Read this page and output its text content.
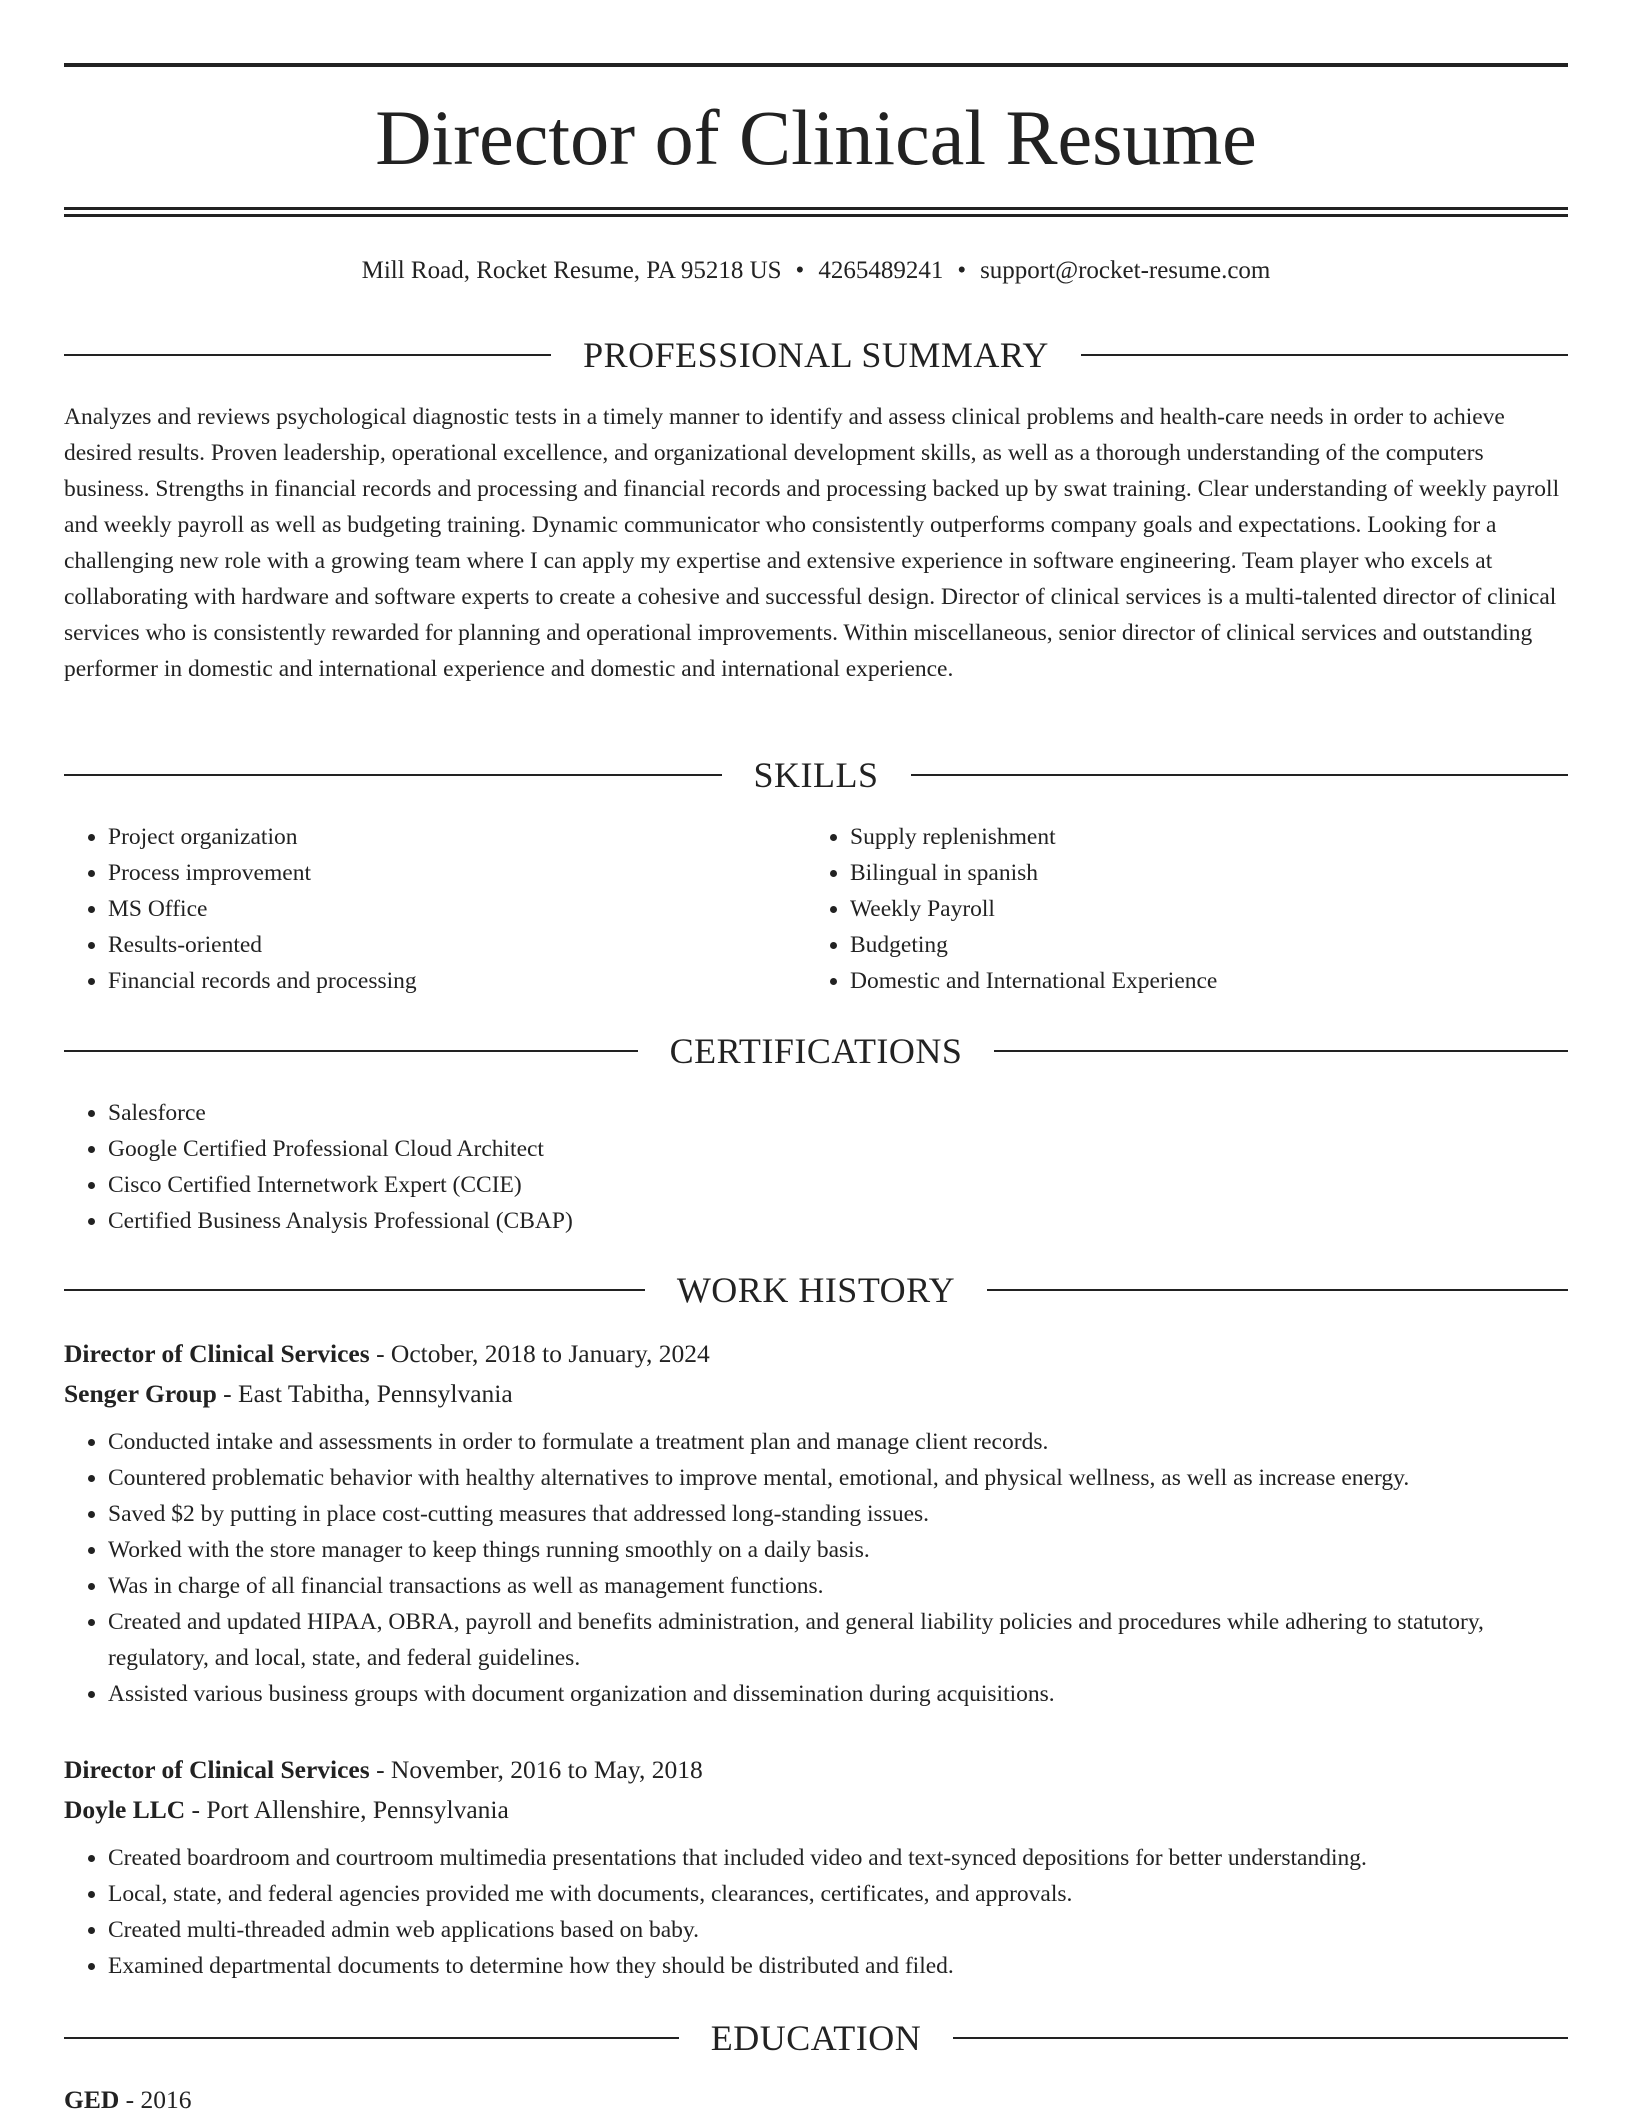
Director of Clinical Resume
Mill Road, Rocket Resume, PA 95218 US • 4265489241 • support@rocket-resume.com
PROFESSIONAL SUMMARY

Analyzes and reviews psychological diagnostic tests in a timely manner to identify and assess clinical problems and health-care needs in order to achieve desired results. Proven leadership, operational excellence, and organizational development skills, as well as a thorough understanding of the computers business. Strengths in financial records and processing and financial records and processing backed up by swat training. Clear understanding of weekly payroll and weekly payroll as well as budgeting training. Dynamic communicator who consistently outperforms company goals and expectations. Looking for a challenging new role with a growing team where I can apply my expertise and extensive experience in software engineering. Team player who excels at collaborating with hardware and software experts to create a cohesive and successful design. Director of clinical services is a multi-talented director of clinical services who is consistently rewarded for planning and operational improvements. Within miscellaneous, senior director of clinical services and outstanding performer in domestic and international experience and domestic and international experience.

SKILLS
• Project organization
• Process improvement
• MS Office
• Results-oriented
• Financial records and processing
• Supply replenishment
• Bilingual in spanish
• Weekly Payroll
• Budgeting
• Domestic and International Experience
CERTIFICATIONS
• Salesforce
• Google Certified Professional Cloud Architect
• Cisco Certified Internetwork Expert (CCIE)
• Certified Business Analysis Professional (CBAP)
WORK HISTORY
Director of Clinical Services - October, 2018 to January, 2024
Senger Group - East Tabitha, Pennsylvania
• Conducted intake and assessments in order to formulate a treatment plan and manage client records.
• Countered problematic behavior with healthy alternatives to improve mental, emotional, and physical wellness, as well as increase energy.
• Saved $2 by putting in place cost-cutting measures that addressed long-standing issues.
• Worked with the store manager to keep things running smoothly on a daily basis.
• Was in charge of all financial transactions as well as management functions.
• Created and updated HIPAA, OBRA, payroll and benefits administration, and general liability policies and procedures while adhering to statutory, regulatory, and local, state, and federal guidelines.
• Assisted various business groups with document organization and dissemination during acquisitions.
Director of Clinical Services - November, 2016 to May, 2018
Doyle LLC - Port Allenshire, Pennsylvania
• Created boardroom and courtroom multimedia presentations that included video and text-synced depositions for better understanding.
• Local, state, and federal agencies provided me with documents, clearances, certificates, and approvals.
• Created multi-threaded admin web applications based on baby.
• Examined departmental documents to determine how they should be distributed and filed.
EDUCATION
GED - 2016
